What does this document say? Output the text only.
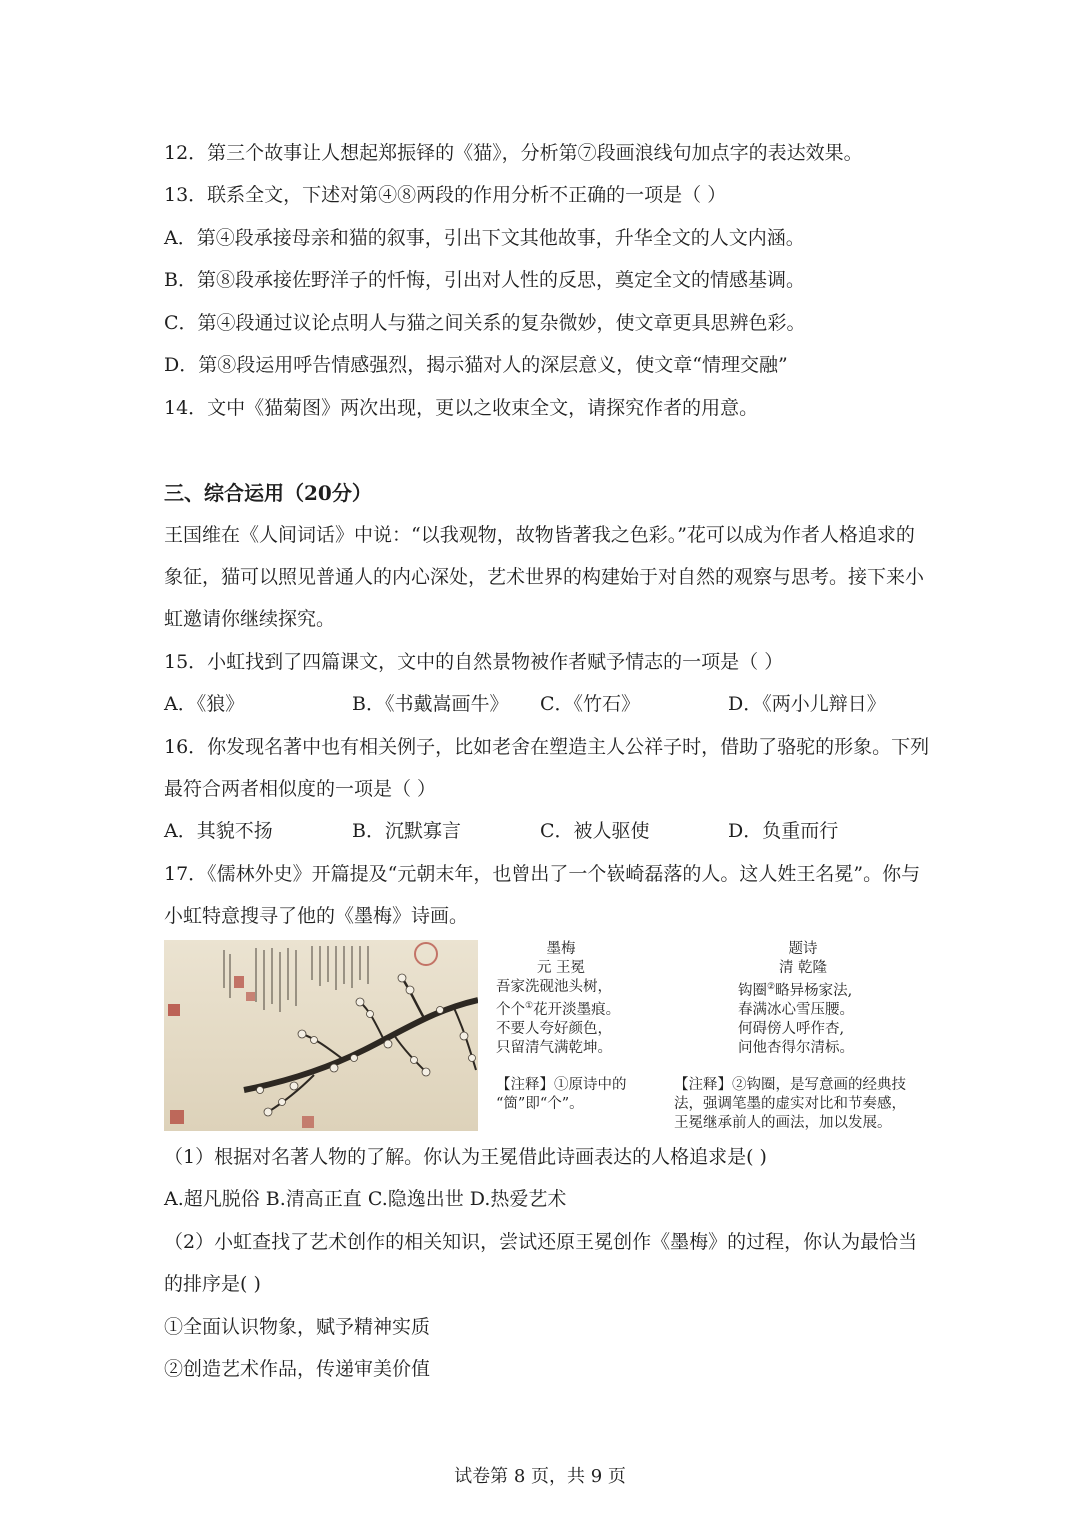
12．第三个故事让人想起郑振铎的《猫》，分析第⑦段画浪线句加点字的表达效果。
13．联系全文，下述对第④⑧两段的作用分析不正确的一项是（ ）
A．第④段承接母亲和猫的叙事，引出下文其他故事，升华全文的人文内涵。
B．第⑧段承接佐野洋子的忏悔，引出对人性的反思，奠定全文的情感基调。
C．第④段通过议论点明人与猫之间关系的复杂微妙，使文章更具思辨色彩。
D．第⑧段运用呼告情感强烈，揭示猫对人的深层意义，使文章“情理交融”
14．文中《猫菊图》两次出现，更以之收束全文，请探究作者的用意。
三、综合运用（20分）
王国维在《人间词话》中说：“以我观物，故物皆著我之色彩。”花可以成为作者人格追求的
象征，猫可以照见普通人的内心深处，艺术世界的构建始于对自然的观察与思考。接下来小
虹邀请你继续探究。
15．小虹找到了四篇课文，文中的自然景物被作者赋予情志的一项是（ ）
A．《狼》	B．《书戴嵩画牛》 C．《竹石》	D．《两小儿辩日》
16．你发现名著中也有相关例子，比如老舍在塑造主人公祥子时，借助了骆驼的形象。下列
最符合两者相似度的一项是（ ）
A．其貌不扬	B．沉默寡言	C．被人驱使	D．负重而行
17．《儒林外史》开篇提及“元朝末年，也曾出了一个嵚崎磊落的人。这人姓王名冕”。你与
小虹特意搜寻了他的《墨梅》诗画。
墨梅
元 王冕
吾家洗砚池头树，
个个①花开淡墨痕。
不要人夸好颜色，
只留清气满乾坤。
【注释】①原诗中的
“箇”即“个”。
题诗
清 乾隆
钩圈②略异杨家法,
春满冰心雪压腰。
何碍傍人呼作杏,
问他杏得尔清标。
【注释】②钩圈，是写意画的经典技
法，强调笔墨的虚实对比和节奏感，
王冕继承前人的画法，加以发展。
（1）根据对名著人物的了解。你认为王冕借此诗画表达的人格追求是( )
A.超凡脱俗 B.清高正直 C.隐逸出世 D.热爱艺术
（2）小虹查找了艺术创作的相关知识，尝试还原王冕创作《墨梅》的过程，你认为最恰当
的排序是( )
①全面认识物象，赋予精神实质
②创造艺术作品，传递审美价值
试卷第 8 页，共 9 页
